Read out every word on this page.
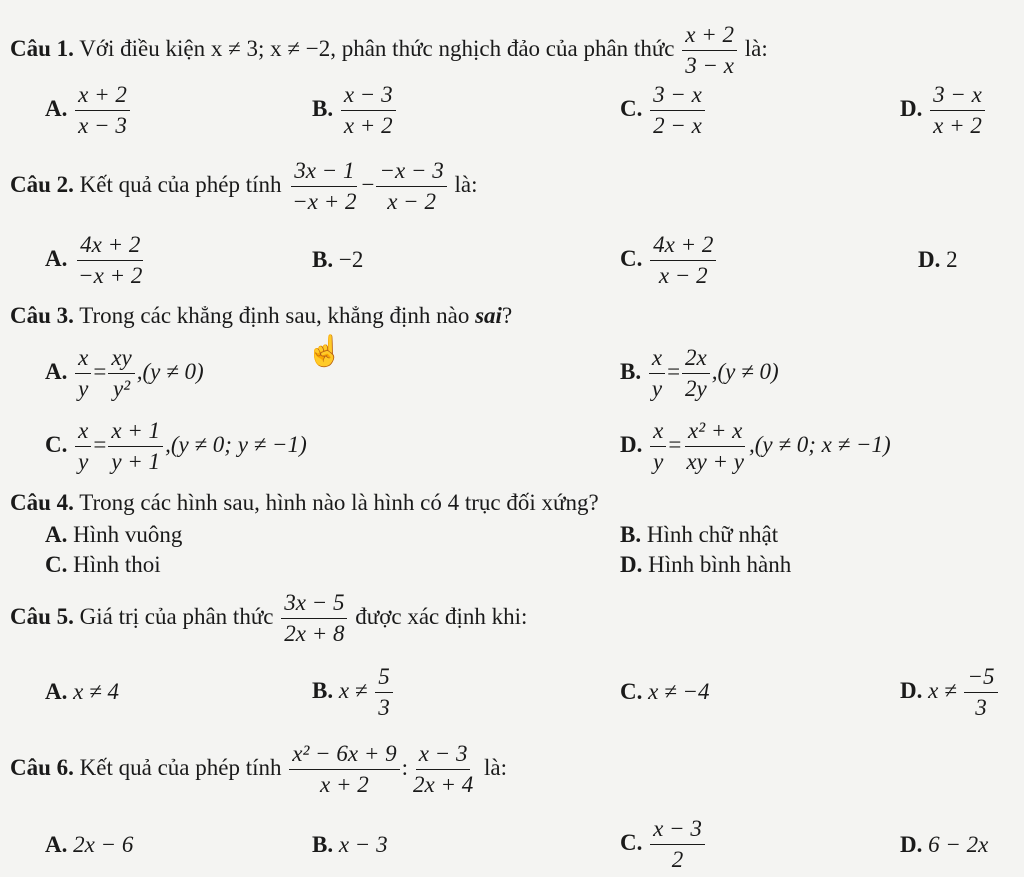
Câu 1. Với điều kiện x ≠ 3; x ≠ −2, phân thức nghịch đảo của phân thức $\frac{x + 2}{3 - x}$ là:
A. $\frac{x + 2}{x - 3}$	B. $\frac{x - 3}{x + 2}$	C. $\frac{3 - x}{2 - x}$	D. $\frac{3 - x}{x + 2}$
Câu 2. Kết quả của phép tính $\frac{3x - 1}{-x + 2} - \frac{-x - 3}{x - 2}$ là:
A. $\frac{4x + 2}{-x + 2}$	B. −2	C. $\frac{4x + 2}{x - 2}$	D. 2
Câu 3. Trong các khẳng định sau, khẳng định nào sai?
☝
A. $\frac{x}{y} = \frac{xy}{\text{y²}} ,(y \ne 0)$	B. $\frac{x}{y} = \frac{2x}{2y} ,(y \ne 0)$
C. $\frac{x}{y} = \frac{x + 1}{y + 1} ,(y \ne 0$; y ≠ −1)	D. $\frac{x}{y} = \frac{\text{x² + x}}{xy + y} ,(y \ne 0$; x ≠ −1)
Câu 4. Trong các hình sau, hình nào là hình có 4 trục đối xứng?
A. Hình vuông	B. Hình chữ nhật
C. Hình thoi	D. Hình bình hành
Câu 5. Giá trị của phân thức $\frac{3x - 5}{2x + 8}$ được xác định khi:
A. x ≠ 4	B. $x \ne \frac{5}{3}$	C. x ≠ −4	D. $x \ne \frac{-5}{3}$
Câu 6. Kết quả của phép tính $\frac{\text{x² − 6x + 9}}{x + 2}$ : $\frac{x - 3}{2x + 4}$ là:
A. 2x − 6	B. x − 3	C. $\frac{x - 3}{2}$	D. 6 − 2x
